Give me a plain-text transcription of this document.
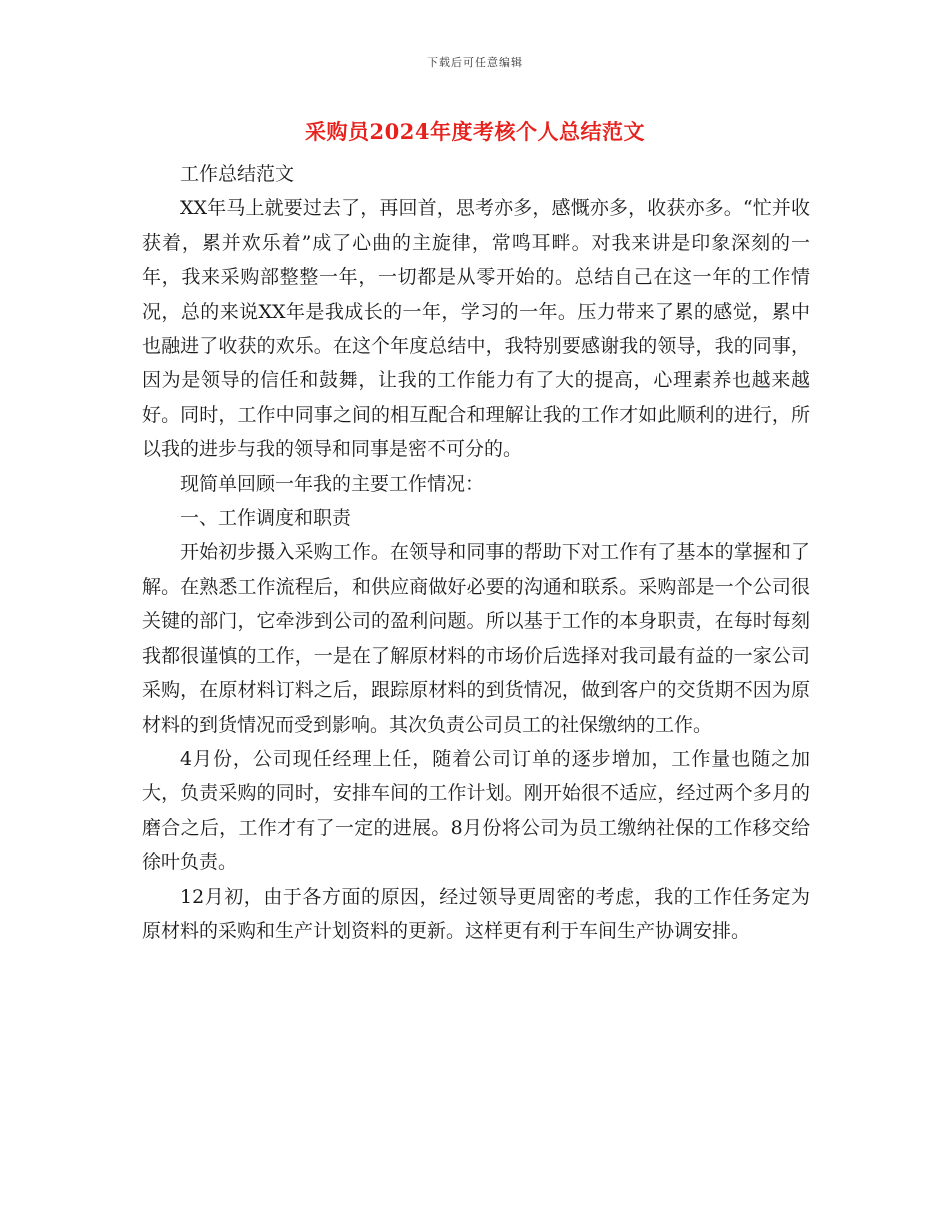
下载后可任意编辑
采购员2024年度考核个人总结范文

工作总结范文

XX年马上就要过去了，再回首，思考亦多，感慨亦多，收获亦多。“忙并收获着，累并欢乐着”成了心曲的主旋律，常鸣耳畔。对我来讲是印象深刻的一年，我来采购部整整一年，一切都是从零开始的。总结自己在这一年的工作情况，总的来说XX年是我成长的一年，学习的一年。压力带来了累的感觉，累中也融进了收获的欢乐。在这个年度总结中，我特别要感谢我的领导，我的同事，因为是领导的信任和鼓舞，让我的工作能力有了大的提高，心理素养也越来越好。同时，工作中同事之间的相互配合和理解让我的工作才如此顺利的进行，所以我的进步与我的领导和同事是密不可分的。

现简单回顾一年我的主要工作情况：

一、工作调度和职责

开始初步摄入采购工作。在领导和同事的帮助下对工作有了基本的掌握和了解。在熟悉工作流程后，和供应商做好必要的沟通和联系。采购部是一个公司很关键的部门，它牵涉到公司的盈利问题。所以基于工作的本身职责，在每时每刻我都很谨慎的工作，一是在了解原材料的市场价后选择对我司最有益的一家公司采购，在原材料订料之后，跟踪原材料的到货情况，做到客户的交货期不因为原材料的到货情况而受到影响。其次负责公司员工的社保缴纳的工作。

4月份，公司现任经理上任，随着公司订单的逐步增加，工作量也随之加大，负责采购的同时，安排车间的工作计划。刚开始很不适应，经过两个多月的磨合之后，工作才有了一定的进展。8月份将公司为员工缴纳社保的工作移交给徐叶负责。

12月初，由于各方面的原因，经过领导更周密的考虑，我的工作任务定为原材料的采购和生产计划资料的更新。这样更有利于车间生产协调安排。
